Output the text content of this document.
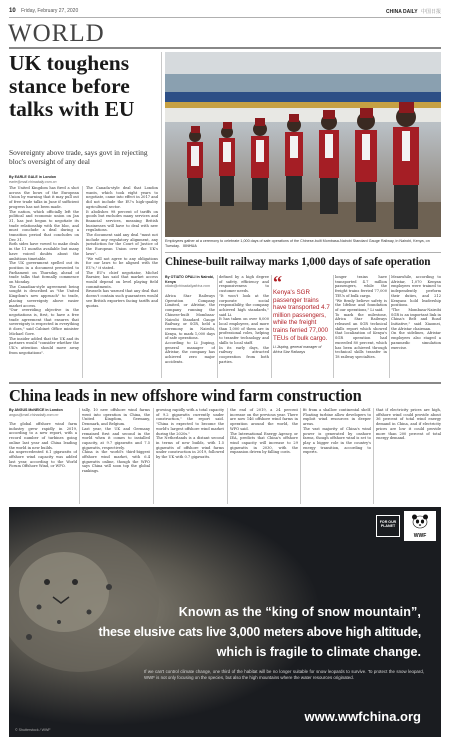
10 Friday, February 27, 2020	CHINA DAILY 中国日报
WORLD
UK toughens stance before talks with EU
Sovereignty above trade, says govt in rejecting bloc's oversight of any deal
By EARLE GALE in London
earle@mail.chinadaily.com.cn
The United Kingdom has fired a shot across the bows of the European Union by warning that it may pull out of free trade talks in June if sufficient progress has not been made.
The nation, which officially left the political and economic union on Jan 31, has just begun to negotiate its trade relationship with the bloc, and must conclude a deal during a transition period that concludes on Dec 31.
Both sides have vowed to make deals in the 11 months available but many have voiced doubts about the ambitious timetable.
The UK government spelled out its position in a document presented to Parliament on Thursday, ahead of trade talks that formally commence on Monday.
The Canadian-style agreement being sought is described as "the United Kingdom's new approach" to trade, placing sovereignty above easier market access.
"Our overriding objective in the negotiations is, first, to have a free trade agreement that ensures that sovereignty is respected in everything it does," said Cabinet Office minister Michael Gove.
The insider added that the UK and its partners would "consider whether the UK's attention should move away from negotiations".
The Canada-style deal that London wants, which took eight years to negotiate, came into effect in 2017 and did not include the EU's high-quality agricultural sector.
It abolishes 98 percent of tariffs on goods but excludes many services and financial services, meaning British businesses will have to deal with new regulations.
The document said any deal "must not include any regulatory alignment, any jurisdiction for the Court of Justice of the European Union over the UK's laws".
"We will not agree to any obligations for our laws to be aligned with the EU's," it stated.
The EU's chief negotiator, Michel Barnier, has said that market access would depend on level playing field commitments.
Brussels has warned that any deal that doesn't contain such guarantees would see British exporters facing tariffs and quotas.
Employees gather at a ceremony to celebrate 1,000 days of safe operations of the Chinese-built Mombasa-Nairobi Standard Gauge Railway, in Nairobi, Kenya, on Tuesday. XINHUA
Chinese-built railway marks 1,000 days of safe operation
By OTIATO OPALI in Nairobi, Kenya
otiato@chinadailyafrica.com
Africa Star Railways Operation Company Limited, or Afristar, the company running the Chinese-built Mombasa-Nairobi Standard Gauge Railway, or SGR, held a ceremony in Nairobi, Kenya, to mark 1,000 days of safe operations.
According to Li Jiuping, general manager of Afristar, the company has achieved zero major accidents.
defined by a high degree of safety, efficiency and responsiveness to customer needs.
"It won't look at the corporate social responsibility, the company achieved high standards," said Li.
It has taken on over 8,000 local employees, and more than 1,000 of them are in professional roles, helping to transfer technology and skills to local staff.
In its early days, the railway attracted cooperation from both parties.
“
Kenya's SGR passenger trains have transported 4.7 million passengers, while the freight trains ferried 77,000 TEUs of bulk cargo.
Li Jiuping, general manager of Africa Star Railways
longer trains have transported 4.7 million passengers, while the freight trains ferried 77,000 TEUs of bulk cargo.
"We firmly believe safety is the lifeline and foundation of our operations," Li said.
To mark the milestone, Africa Star Railways released an SGR technical skills report which showed that localization of Kenya's SGR operation had exceeded 80 percent, which has been achieved through technical skills transfer in 18 railway specialties.
Meanwhile, according to Afristar, 1,070 Kenyan employees were trained to independently perform their duties, and 212 Kenyans hold leadership positions.
"The Mombasa-Nairobi SGR is an important link in China's Belt and Road Initiative," said Xiaomei, the Afristar chairman.
On the sidelines, Afristar employees also staged a paramedic simulation exercise.
China leads in new offshore wind farm construction
By ANGUS McNEICE in London
angus@mail.chinadaily.com.cn
The global offshore wind farm industry grew rapidly in 2019, according to a new report, with a record number of turbines going online last year and China leading the world in new builds.
An unprecedented 6.1 gigawatts of offshore wind capacity was added last year, according to the World Forum Offshore Wind, or WFO.
tally, 10 new offshore wind farms went into operation in China, the United Kingdom, Germany, Denmark, and Belgium.
Last year, the UK and Germany remained first and second in the world when it comes to installed capacity, at 9.7 gigawatts and 7.5 gigawatts, respectively.
China is the world's third-biggest offshore wind market, with 6.4 gigawatts online, though the WFO says China will soon top the global rankings.
growing rapidly with a total capacity of 9.2 gigawatts currently under construction," the report said. "China is expected to become the world's largest offshore wind market during the 2020s."
The Netherlands is a distant second in terms of new builds, with 1.5 gigawatts of offshore wind farms under construction in 2019, followed by the UK with 0.7 gigawatts.
the end of 2019, a 24 percent increase on the previous year. There are now 146 offshore wind farms in operation around the world, the WFO said.
The International Energy Agency, or IEA, predicts that China's offshore wind capacity will increase to 29 gigawatts in 2030, with the expansion driven by falling costs.
fit from a shallow continental shelf. Floating turbine allow developers to exploit wind resources in deeper areas.
The vast majority of China's wind power is generated by onshore farms, though offshore wind is set to play a bigger role in the country's energy transition, according to experts.
that if electricity prices are high, offshore wind could provide about 36 percent of total wind energy demand in China, and if electricity prices are low it could provide more than 200 percent of total energy demand.
WWF
FOR OUR PLANET
Known as the “king of snow mountain”,
these elusive cats live 3,000 meters above high altitude,
which is fragile to climate change.
If we can't control climate change, one third of the habitat will be no longer suitable for snow leopards to survive. To protect the snow leopard, WWF is not only focusing on the species, but also the high mountains where the water resources originated.
www.wwfchina.org
© Shutterstock / WWF
